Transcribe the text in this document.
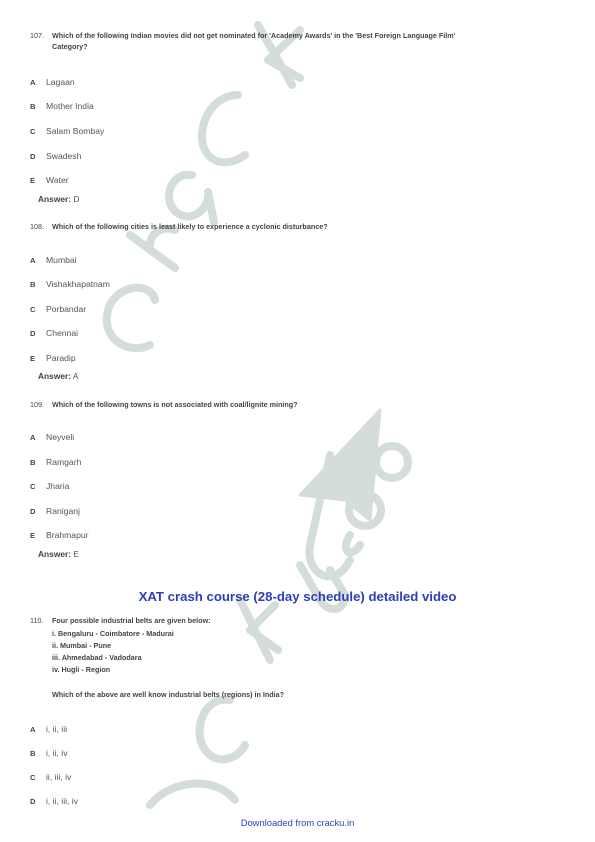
107. Which of the following Indian movies did not get nominated for 'Academy Awards' in the 'Best Foreign Language Film'
Category?
A Lagaan
B Mother India
C Salam Bombay
D Swadesh
E Water
Answer: D
108. Which of the following cities is least likely to experience a cyclonic disturbance?
A Mumbai
B Vishakhapatnam
C Porbandar
D Chennai
E Paradip
Answer: A
109. Which of the following towns is not associated with coal/lignite mining?
A Neyveli
B Ramgarh
C Jharia
D Raniganj
E Brahmapur
Answer: E
XAT crash course (28-day schedule) detailed video
110. Four possible industrial belts are given below:
i. Bengaluru - Coimbatore - Madurai
ii. Mumbai - Pune
iii. Ahmedabad - Vadodara
iv. Hugli - Region
Which of the above are well know industrial belts (regions) in India?
A i, ii, iii
B i, ii, iv
C ii, iii, iv
D i, ii, iii, iv
Downloaded from cracku.in
